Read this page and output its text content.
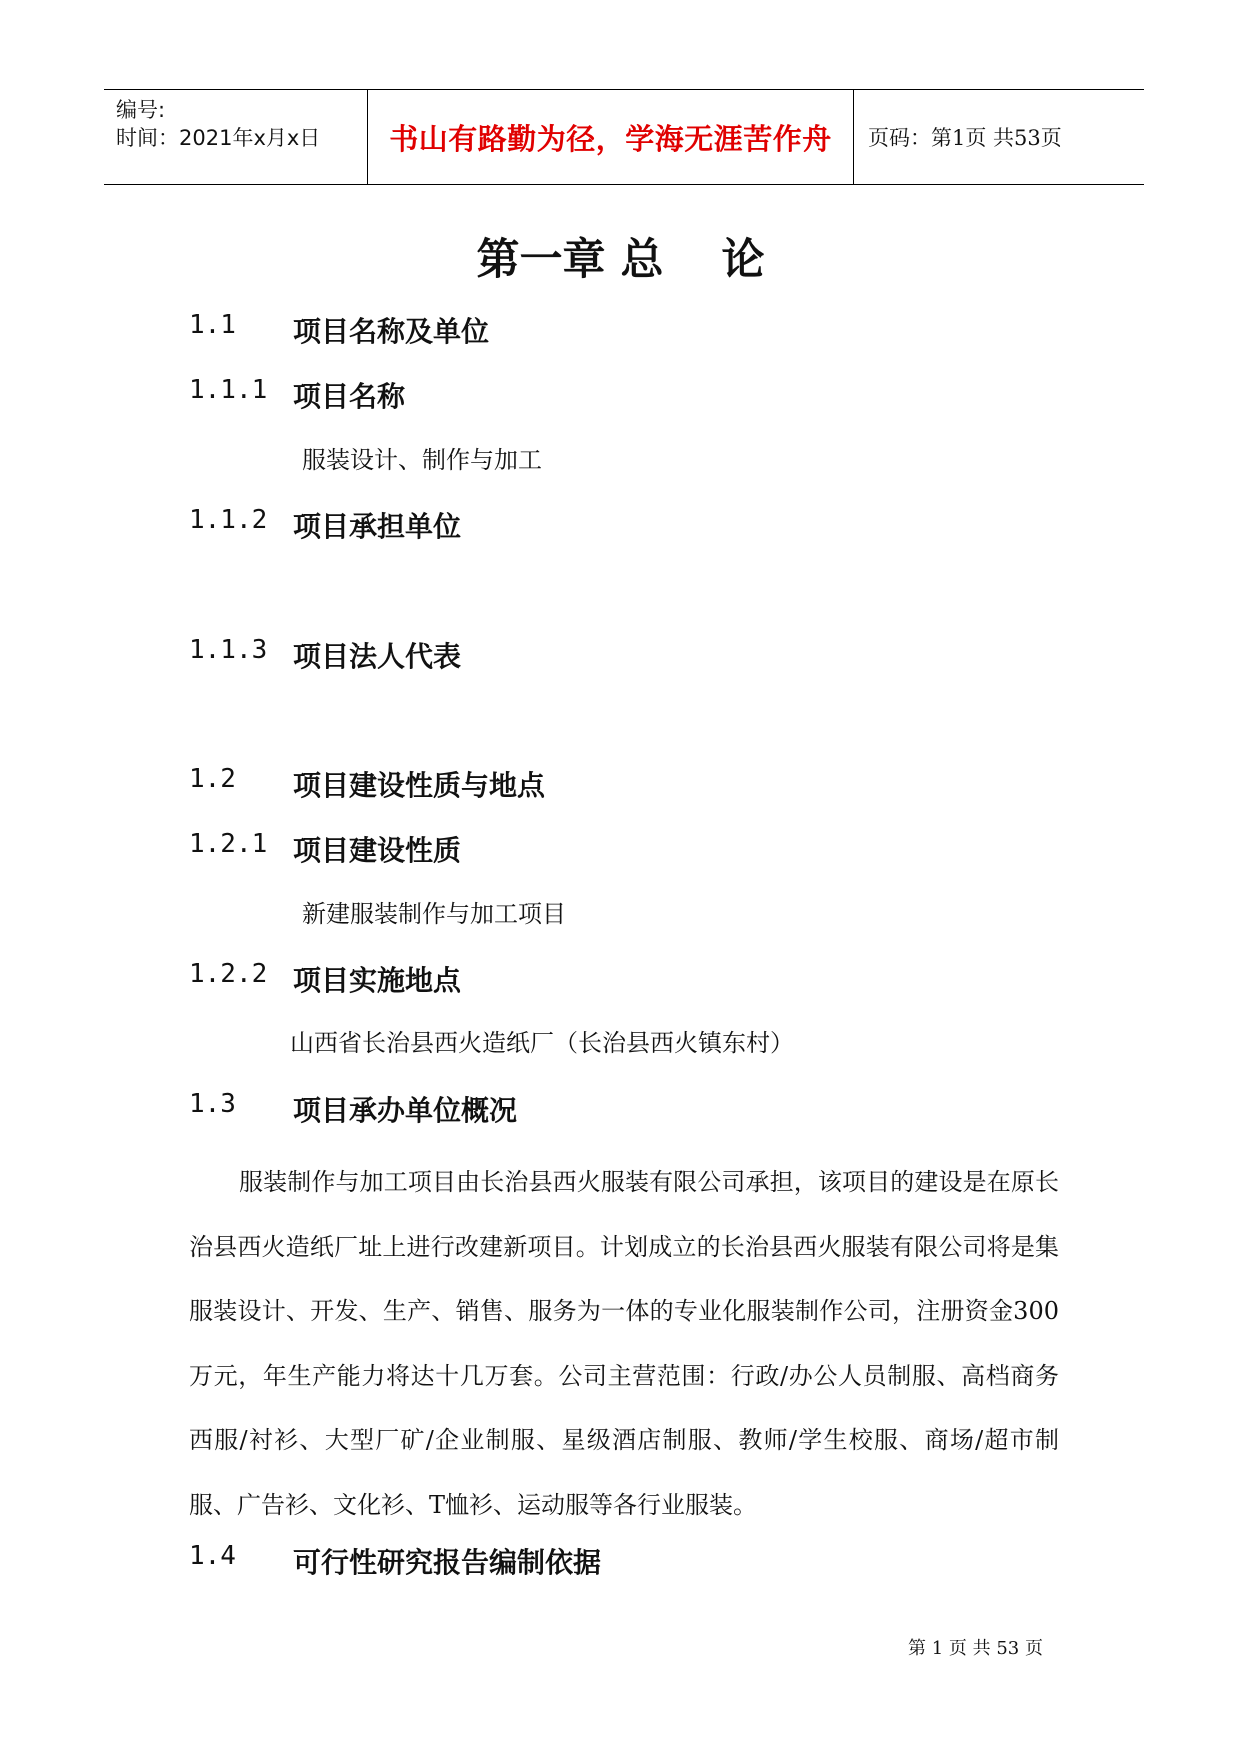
编号:
时间：2021年x月x日 书山有路勤为径，学海无涯苦作舟 页码：第1页 共53页
第一章 总　 论
1.1	项目名称及单位
1.1.1 项目名称
服装设计、制作与加工
1.1.2 项目承担单位
1.1.3 项目法人代表
1.2	项目建设性质与地点
1.2.1 项目建设性质
新建服装制作与加工项目
1.2.2 项目实施地点
山西省长治县西火造纸厂（长治县西火镇东村）
1.3	项目承办单位概况
服装制作与加工项目由长治县西火服装有限公司承担，该项目的建设是在原长治县西火造纸厂址上进行改建新项目。计划成立的长治县西火服装有限公司将是集服装设计、开发、生产、销售、服务为一体的专业化服装制作公司，注册资金300万元，年生产能力将达十几万套。公司主营范围：行政/办公人员制服、高档商务西服/衬衫、大型厂矿/企业制服、星级酒店制服、教师/学生校服、商场/超市制服、广告衫、文化衫、T恤衫、运动服等各行业服装。
1.4	可行性研究报告编制依据
第 1 页 共 53 页
